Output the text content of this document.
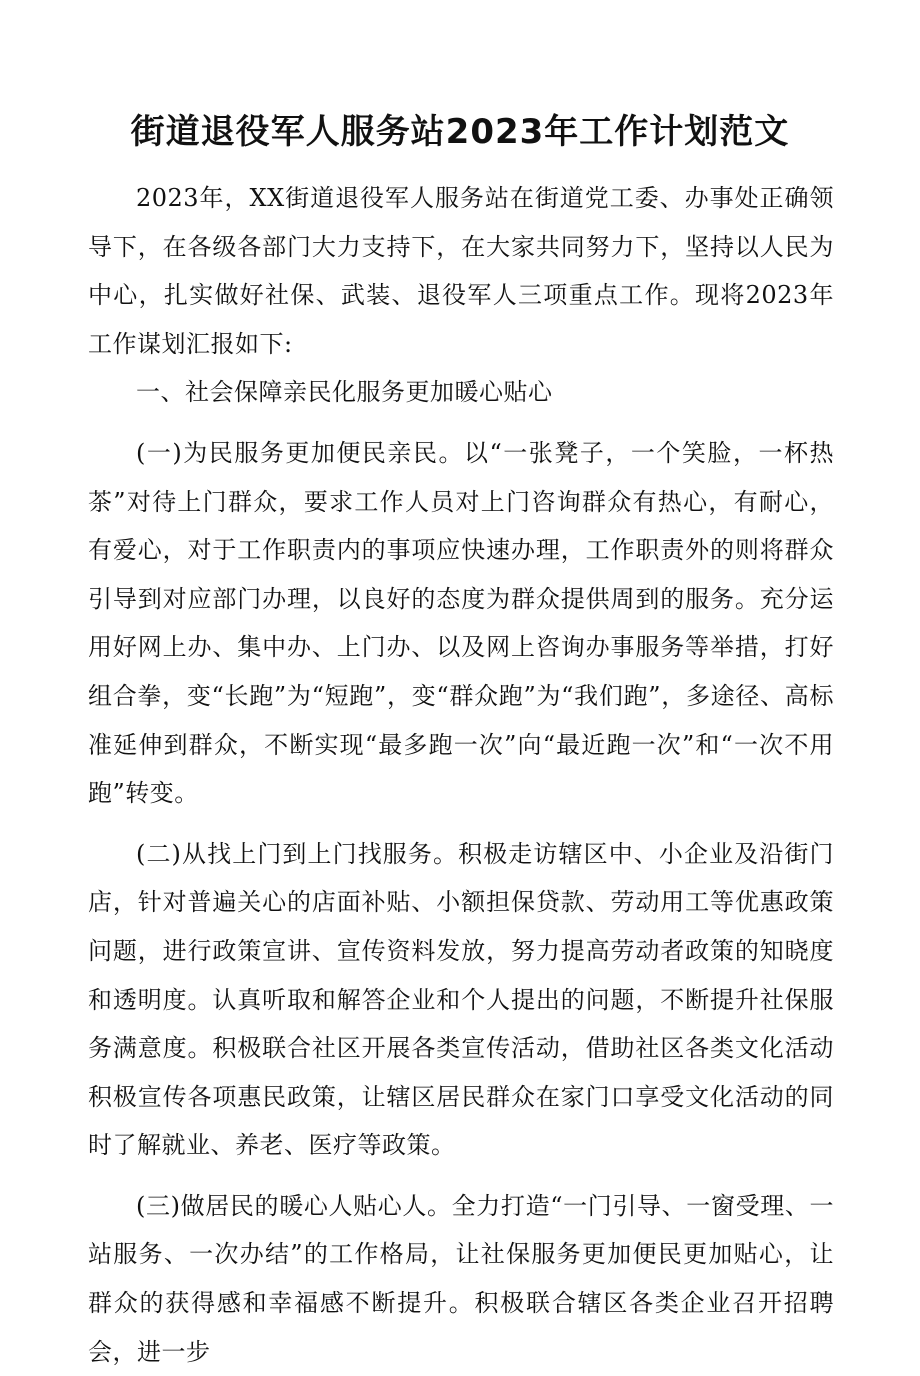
街道退役军人服务站2023年工作计划范文

2023年，XX街道退役军人服务站在街道党工委、办事处正确领导下，在各级各部门大力支持下，在大家共同努力下，坚持以人民为中心，扎实做好社保、武装、退役军人三项重点工作。现将2023年工作谋划汇报如下:

一、社会保障亲民化服务更加暖心贴心

(一)为民服务更加便民亲民。以“一张凳子，一个笑脸，一杯热茶”对待上门群众，要求工作人员对上门咨询群众有热心，有耐心，有爱心，对于工作职责内的事项应快速办理，工作职责外的则将群众引导到对应部门办理，以良好的态度为群众提供周到的服务。充分运用好网上办、集中办、上门办、以及网上咨询办事服务等举措，打好组合拳，变“长跑”为“短跑”，变“群众跑”为“我们跑”，多途径、高标准延伸到群众，不断实现“最多跑一次”向“最近跑一次”和“一次不用跑”转变。

(二)从找上门到上门找服务。积极走访辖区中、小企业及沿街门店，针对普遍关心的店面补贴、小额担保贷款、劳动用工等优惠政策问题，进行政策宣讲、宣传资料发放，努力提高劳动者政策的知晓度和透明度。认真听取和解答企业和个人提出的问题，不断提升社保服务满意度。积极联合社区开展各类宣传活动，借助社区各类文化活动积极宣传各项惠民政策，让辖区居民群众在家门口享受文化活动的同时了解就业、养老、医疗等政策。

(三)做居民的暖心人贴心人。全力打造“一门引导、一窗受理、一站服务、一次办结”的工作格局，让社保服务更加便民更加贴心，让群众的获得感和幸福感不断提升。积极联合辖区各类企业召开招聘会，进一步
